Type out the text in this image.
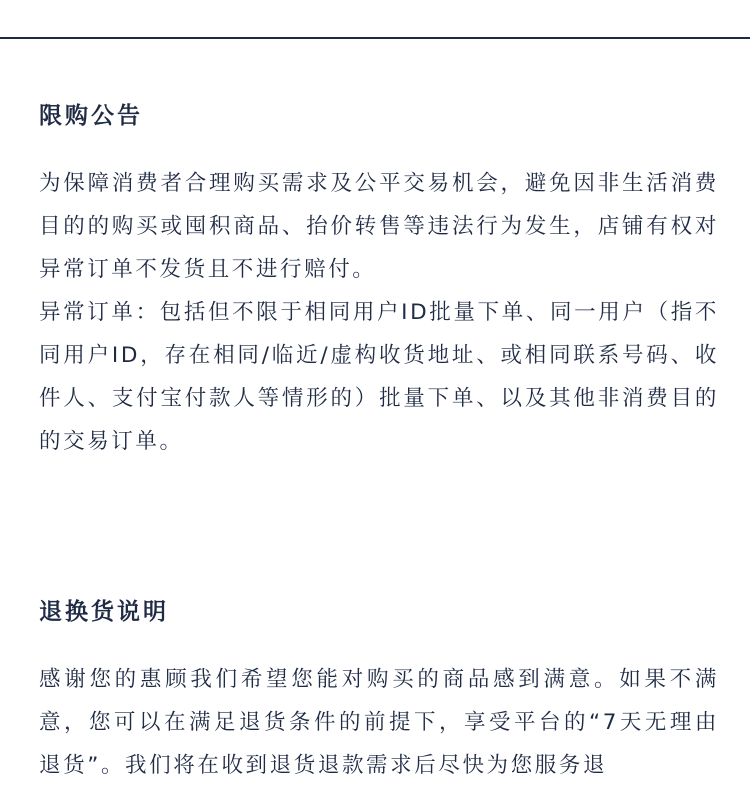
限购公告

为保障消费者合理购买需求及公平交易机会，避免因非生活消费目的的购买或囤积商品、抬价转售等违法行为发生，店铺有权对异常订单不发货且不进行赔付。

异常订单：包括但不限于相同用户ID批量下单、同一用户（指不同用户ID，存在相同/临近/虚构收货地址、或相同联系号码、收件人、支付宝付款人等情形的）批量下单、以及其他非消费目的的交易订单。

退换货说明

感谢您的惠顾我们希望您能对购买的商品感到满意。如果不满意，您可以在满足退货条件的前提下，享受平台的“7天无理由退货”。我们将在收到退货退款需求后尽快为您服务退
